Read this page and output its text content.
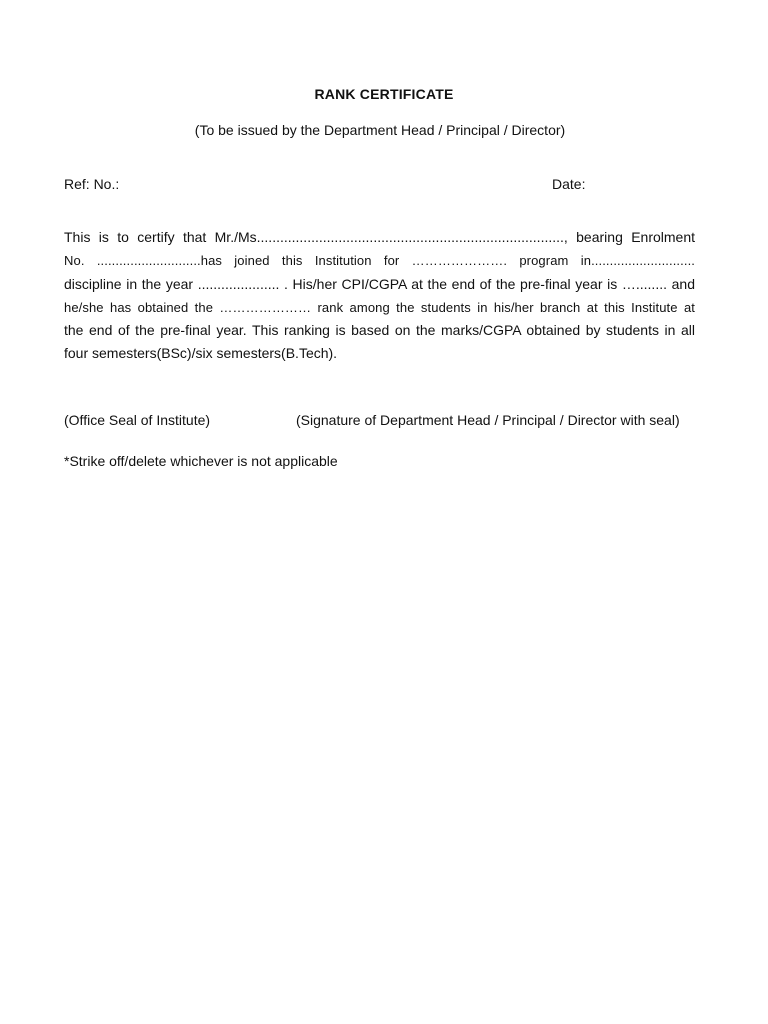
RANK CERTIFICATE
(To be issued by the Department Head / Principal / Director)
Ref: No.:	Date:
This is to certify that Mr./Ms..............................................................................., bearing Enrolment
No. ............................has joined this Institution for …………………. program in............................
discipline in the year ..................... . His/her CPI/CGPA at the end of the pre-final year is …........ and
he/she has obtained the ………………… rank among the students in his/her branch at this Institute at
the end of the pre-final year. This ranking is based on the marks/CGPA obtained by students in all
four semesters(BSc)/six semesters(B.Tech).
(Office Seal of Institute)	(Signature of Department Head / Principal / Director with seal)
*Strike off/delete whichever is not applicable
